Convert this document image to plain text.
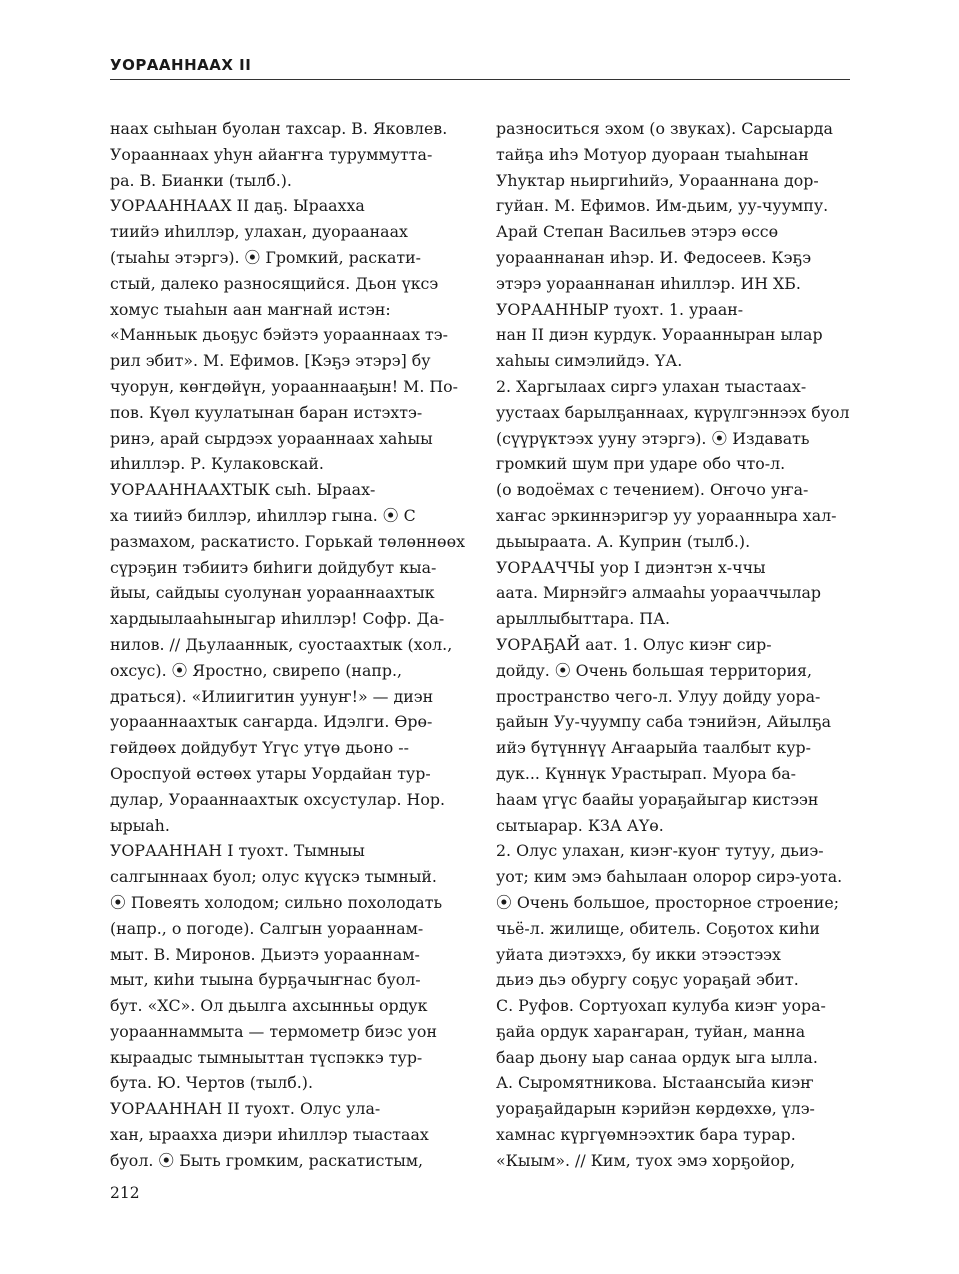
УОРААННААХ II
наах сыһыан буолан тахсар. В. Яковлев.
Уорааннаах уһун айаҥҥа туруммутта-
ра. В. Бианки (тылб.).
УОРААННААХ II даҕ. Ыраахха
тиийэ иһиллэр, улахан, дуораанаах
(тыаһы этэргэ). ⦿ Громкий, раскати-
стый, далеко разносящийся. Дьон үксэ
хомус тыаһын аан маҥнай истэн:
«Манньык дьоҕус бэйэтэ уорааннаах тэ-
рил эбит». М. Ефимов. [Кэҕэ этэрэ] бу
чуорун, көҥдөйүн, уорааннааҕын! М. По-
пов. Күөл куулатынан баран истэхтэ-
ринэ, арай сырдээх уорааннаах хаһыы
иһиллэр. Р. Кулаковскай.
УОРААННААХТЫК сыһ. Ыраах-
ха тиийэ биллэр, иһиллэр гына. ⦿ С
размахом, раскатисто. Горькай төлөннөөх
сүрэҕин тэбиитэ биһиги дойдубут кыа-
йыы, сайдыы суолунан уорааннаахтык
хардыылааһыныгар иһиллэр! Софр. Да-
нилов. // Дьулааннык, суостаахтык (хол.,
охсус). ⦿ Яростно, свирепо (напр.,
драться). «Илиигитин уунуҥ!» — диэн
уорааннаахтык саҥарда. Идэлги. Өрө-
гөйдөөх дойдубут Үгүс утүө дьоно --
Ороспуой өстөөх утары Уордайан тур-
дулар, Уорааннаахтык охсустулар. Нор.
ырыаһ.
УОРААННАН I туохт. Тымныы
салгыннаах буол; олус күүскэ тымный.
⦿ Повеять холодом; сильно похолодать
(напр., о погоде). Салгын уорааннам-
мыт. В. Миронов. Дьиэтэ уорааннам-
мыт, киһи тыына бурҕачыҥнас буол-
бут. «ХС». Ол дьылга ахсынньы ордук
уорааннаммыта — термометр биэс уон
кыраадыс тымныыттан түспэккэ тур-
бута. Ю. Чертов (тылб.).
УОРААННАН II туохт. Олус ула-
хан, ыраахха диэри иһиллэр тыастаах
буол. ⦿ Быть громким, раскатистым,
разноситься эхом (о звуках). Сарсыарда
тайҕа иһэ Мотуор дуораан тыаһынан
Уһуктар ньиргиһийэ, Уорааннана дор-
гуйан. М. Ефимов. Им-дьим, уу-чуумпу.
Арай Степан Васильев этэрэ өссө
уорааннанан иһэр. И. Федосеев. Кэҕэ
этэрэ уорааннанан иһиллэр. ИН ХБ.
УОРААННЫР туохт. 1. ураан-
нан II диэн курдук. Уорааннырaн ылар
хаһыы симэлийдэ. ҮА.
2. Харгылаах сиргэ улахан тыастаах-
уустаах барылҕаннаах, күрүлгэннээх буол
(сүүрүктээх ууну этэргэ). ⦿ Издавать
громкий шум при ударе обо что-л.
(о водоёмах с течением). Оҥочо уҥа-
хаҥас эркиннэригэр уу уорааннырa хал-
дьыыраата. А. Куприн (тылб.).
УОРААЧЧЫ уор I диэнтэн х-ччы
аата. Мирнэйгэ алмааһы уорааччылар
арыллыбыттара. ПА.
УОРАҔАЙ аат. 1. Олус киэҥ сир-
дойду. ⦿ Очень большая территория,
пространство чего-л. Улуу дойду уора-
ҕайын Уу-чуумпу саба тэнийэн, Айылҕа
ийэ бүтүннүү Аҥаарыйа таалбыт кур-
дук... Күннүк Урастырап. Муора ба-
һаам үгүс баайы уораҕайыгар кистээн
сытыарар. КЗА АҮө.
2. Олус улахан, киэҥ-куоҥ тутуу, дьиэ-
уот; ким эмэ баһылаан олорор сирэ-уота.
⦿ Очень большое, просторное строение;
чьё-л. жилище, обитель. Соҕотох киһи
уйата диэтэххэ, бу икки этээстээх
дьиэ дьэ обургу соҕус уораҕай эбит.
С. Руфов. Сортуохап кулуба киэҥ уора-
ҕайа ордук хараҥаран, туйан, манна
баар дьону ыар санаа ордук ыга ылла.
А. Сыромятникова. Ыстаансыйа киэҥ
уораҕайдарын кэрийэн көрдөххө, үлэ-
хамнас күргүөмнээхтик бара турар.
«Кыым». // Ким, туох эмэ хорҕойор,
212
